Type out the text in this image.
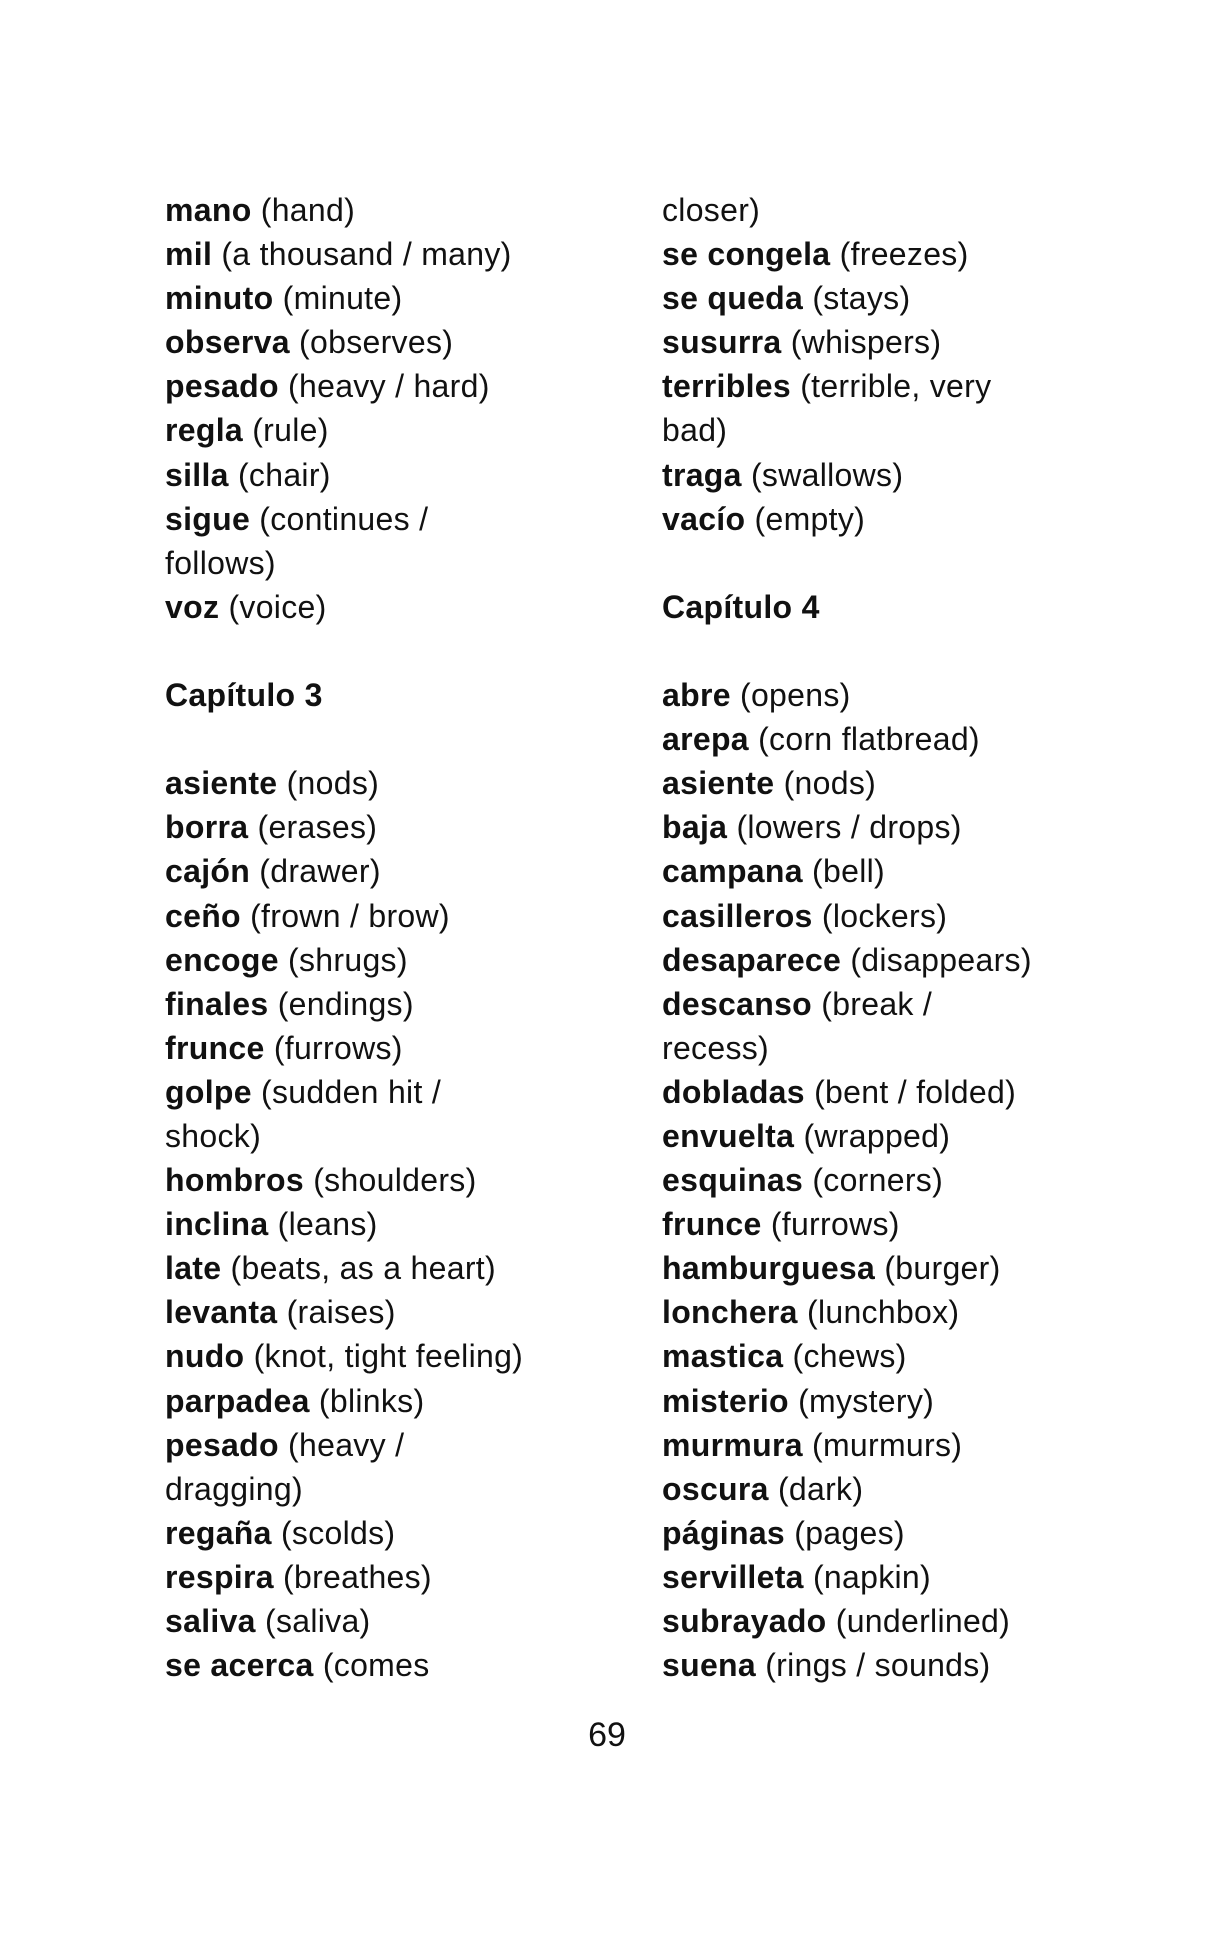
mano (hand)
mil (a thousand / many)
minuto (minute)
observa (observes)
pesado (heavy / hard)
regla (rule)
silla (chair)
sigue (continues /
follows)
voz (voice)
Capítulo 3
asiente (nods)
borra (erases)
cajón (drawer)
ceño (frown / brow)
encoge (shrugs)
finales (endings)
frunce (furrows)
golpe (sudden hit /
shock)
hombros (shoulders)
inclina (leans)
late (beats, as a heart)
levanta (raises)
nudo (knot, tight feeling)
parpadea (blinks)
pesado (heavy /
dragging)
regaña (scolds)
respira (breathes)
saliva (saliva)
se acerca (comes
closer)
se congela (freezes)
se queda (stays)
susurra (whispers)
terribles (terrible, very
bad)
traga (swallows)
vacío (empty)
Capítulo 4
abre (opens)
arepa (corn flatbread)
asiente (nods)
baja (lowers / drops)
campana (bell)
casilleros (lockers)
desaparece (disappears)
descanso (break /
recess)
dobladas (bent / folded)
envuelta (wrapped)
esquinas (corners)
frunce (furrows)
hamburguesa (burger)
lonchera (lunchbox)
mastica (chews)
misterio (mystery)
murmura (murmurs)
oscura (dark)
páginas (pages)
servilleta (napkin)
subrayado (underlined)
suena (rings / sounds)
69
